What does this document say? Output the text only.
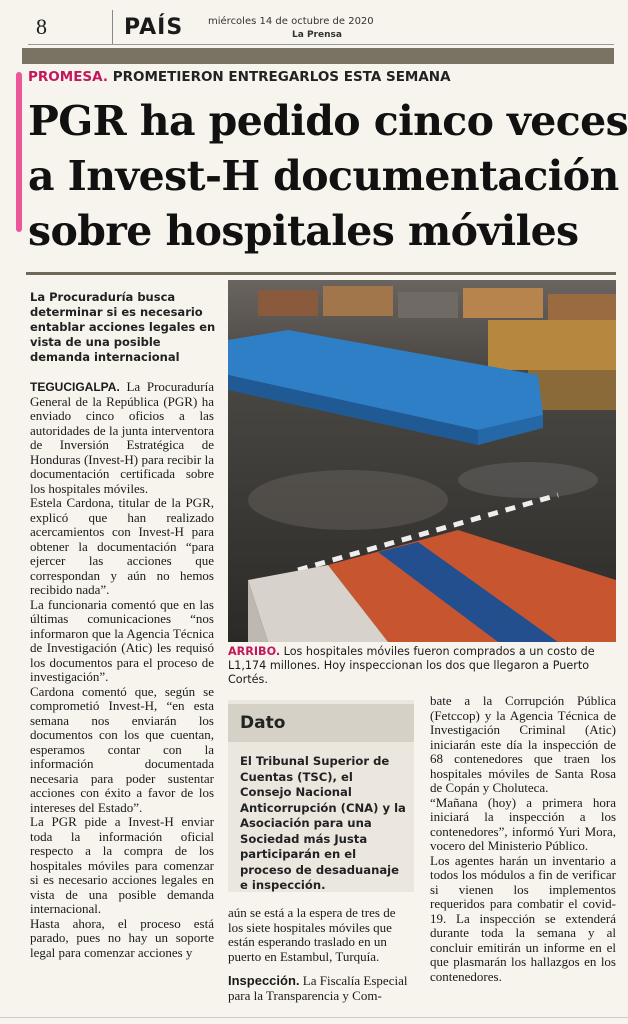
8	PAÍS miércoles 14 de octubre de 2020
La Prensa
PROMESA. PROMETIERON ENTREGARLOS ESTA SEMANA
PGR ha pedido cinco veces
a Invest-H documentación
sobre hospitales móviles
La Procuraduría busca determinar si es necesario entablar acciones legales en vista de una posible demanda internacional

TEGUCIGALPA. La Procuraduría General de la República (PGR) ha enviado cinco oficios a las autoridades de la junta interventora de Inversión Estratégica de Honduras (Invest-H) para recibir la documentación certificada sobre los hospitales móviles.

Estela Cardona, titular de la PGR, explicó que han realizado acercamientos con Invest-H para obtener la documentación “para ejercer las acciones que correspondan y aún no hemos recibido nada”.

La funcionaria comentó que en las últimas comunicaciones “nos informaron que la Agencia Técnica de Investigación (Atic) les requisó los documentos para el proceso de investigación”.

Cardona comentó que, según se comprometió Invest-H, “en esta semana nos enviarán los documentos con los que cuentan, esperamos contar con la información documentada necesaria para poder sustentar acciones con éxito a favor de los intereses del Estado”.

La PGR pide a Invest-H enviar toda la información oficial respecto a la compra de los hospitales móviles para comenzar si es necesario acciones legales en vista de una posible demanda internacional.

Hasta ahora, el proceso está parado, pues no hay un soporte legal para comenzar acciones y

ARRIBO. Los hospitales móviles fueron comprados a un costo de L1,174 millones. Hoy inspeccionan los dos que llegaron a Puerto Cortés.
Dato
El Tribunal Superior de Cuentas (TSC), el Consejo Nacional Anticorrupción (CNA) y la Asociación para una Sociedad más Justa participarán en el proceso de desaduanaje e inspección.

aún se está a la espera de tres de los siete hospitales móviles que están esperando traslado en un puerto en Estambul, Turquía.

Inspección. La Fiscalía Especial para la Transparencia y Com-

bate a la Corrupción Pública (Fetccop) y la Agencia Técnica de Investigación Criminal (Atic) iniciarán este día la inspección de 68 contenedores que traen los hospitales móviles de Santa Rosa de Copán y Choluteca.

“Mañana (hoy) a primera hora iniciará la inspección a los contenedores”, informó Yuri Mora, vocero del Ministerio Público.

Los agentes harán un inventario a todos los módulos a fin de verificar si vienen los implementos requeridos para combatir el covid-19. La inspección se extenderá durante toda la semana y al concluir emitirán un informe en el que plasmarán los hallazgos en los contenedores.
